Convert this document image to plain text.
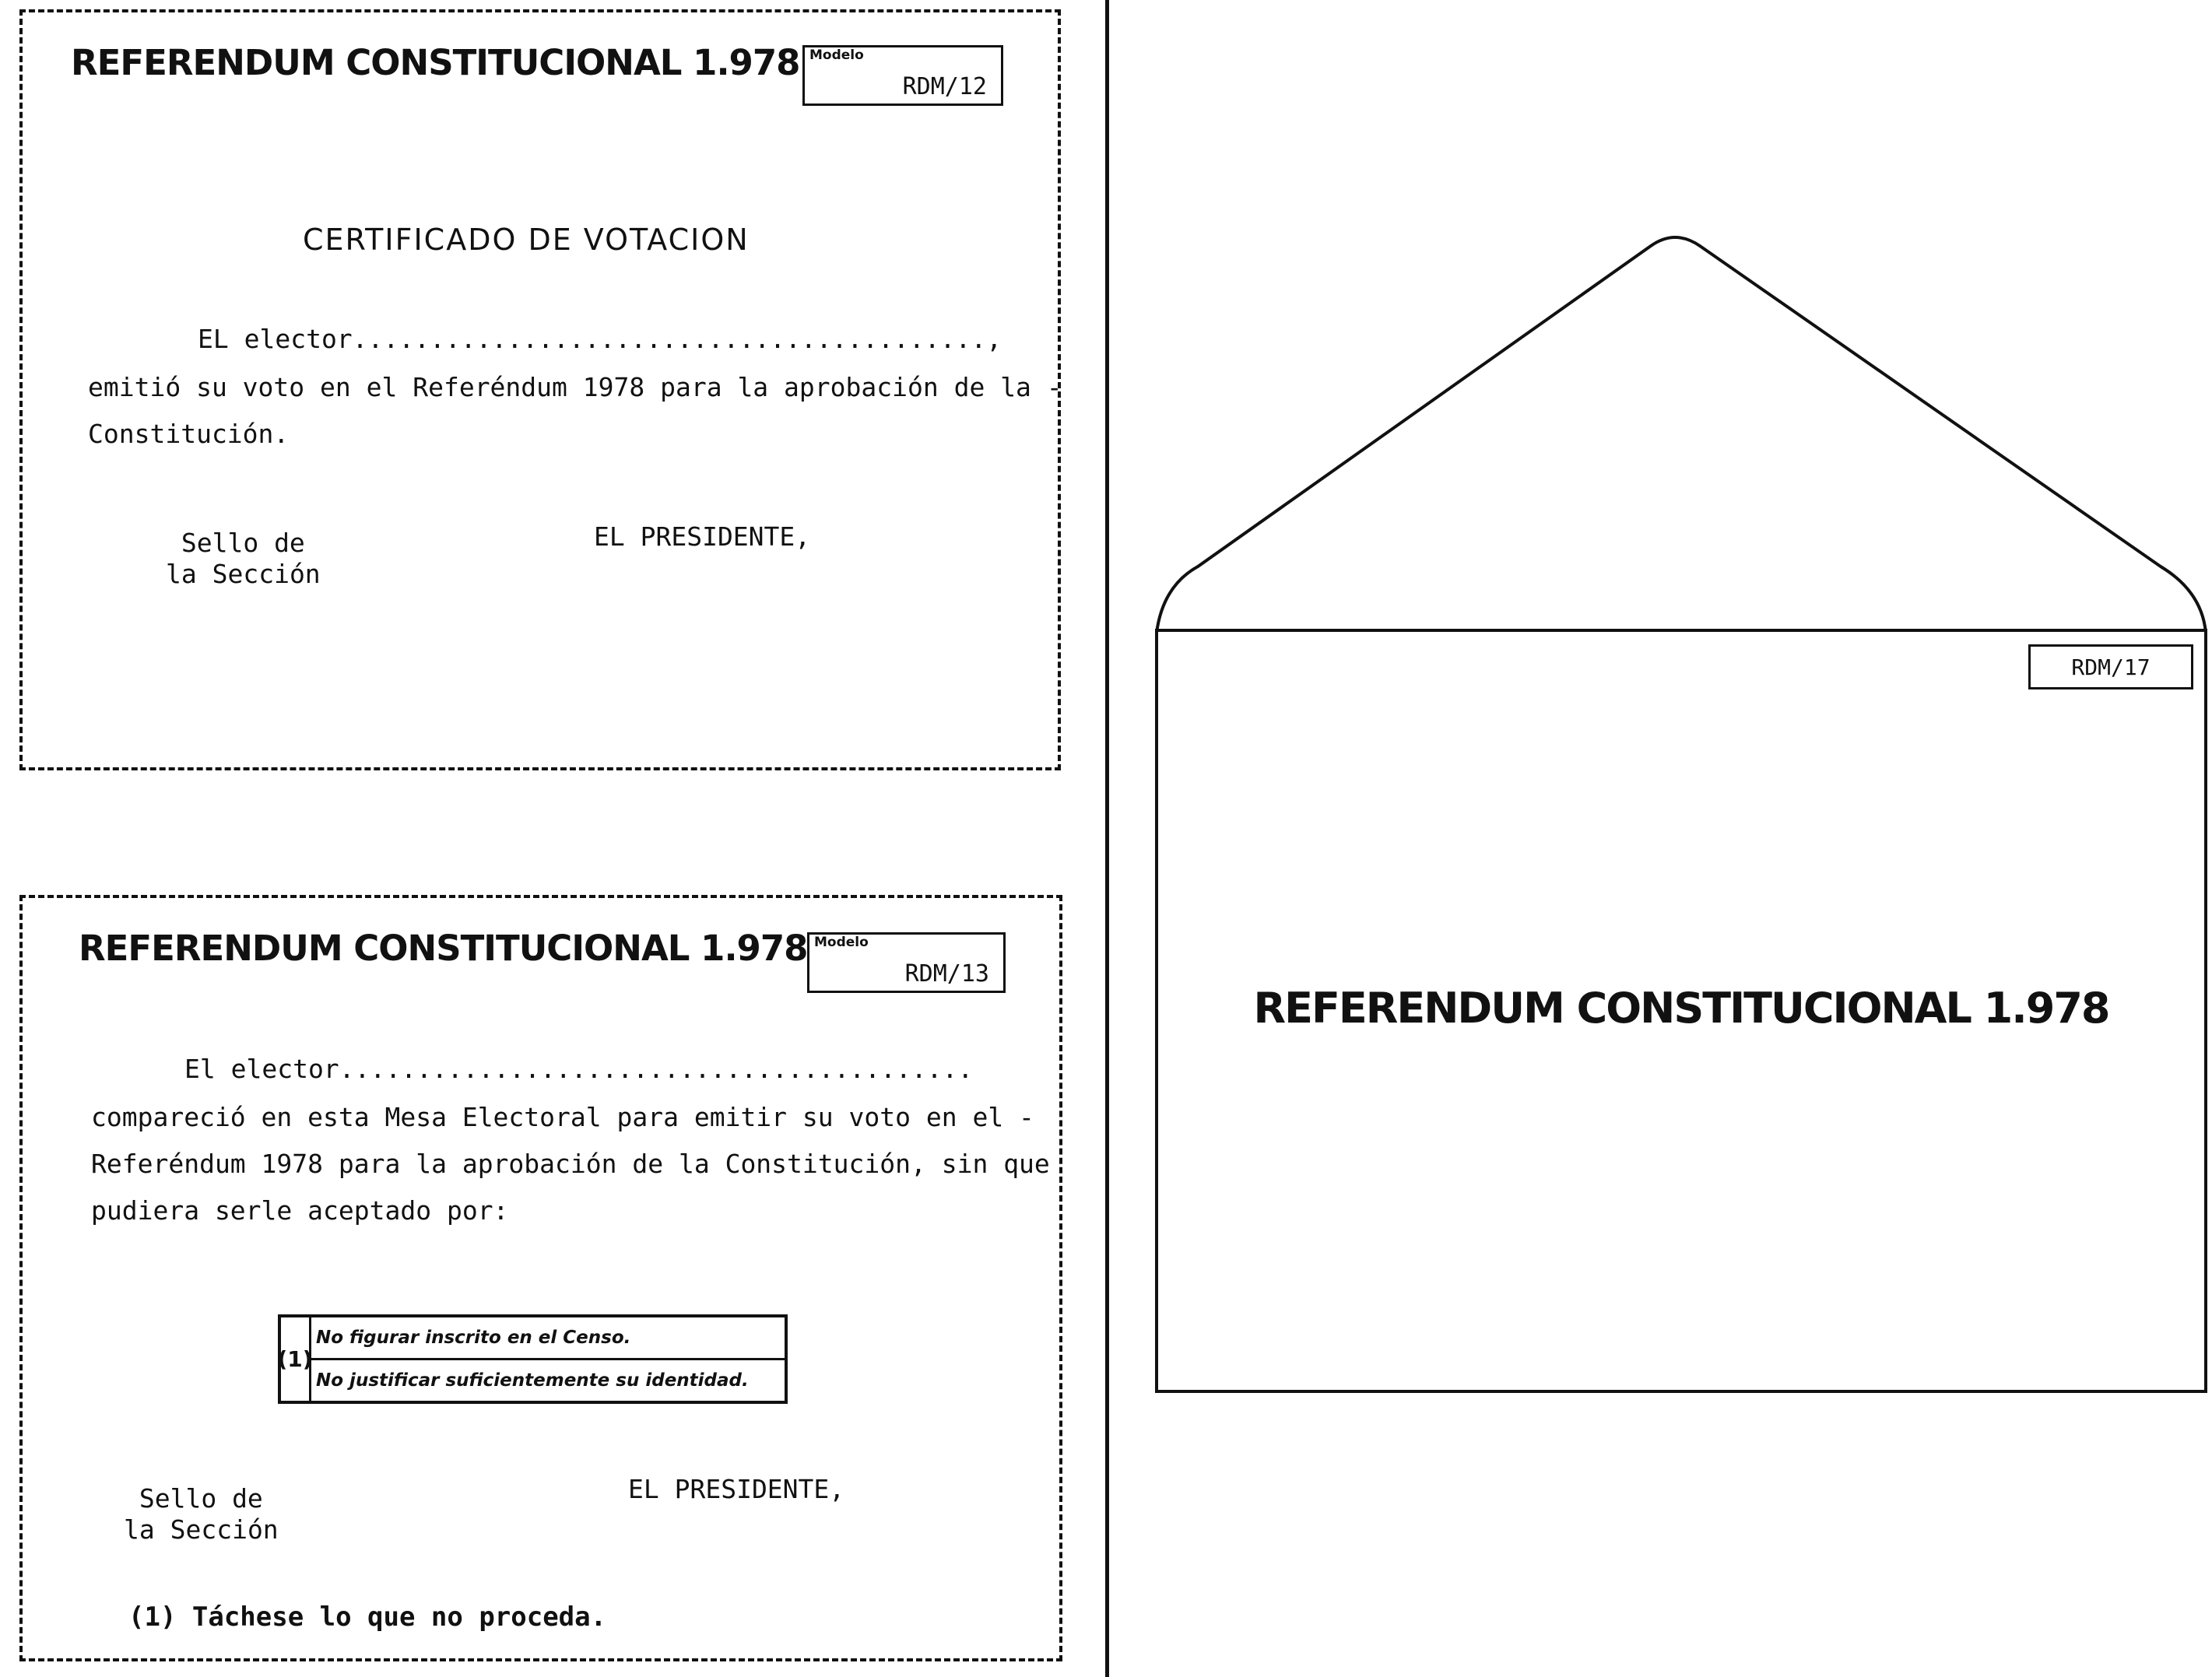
REFERENDUM CONSTITUCIONAL 1.978 Modelo
RDM/12
CERTIFICADO DE VOTACION
EL elector.........................................,
emitió su voto en el Referéndum 1978 para la aprobación de la -
Constitución.
Sello de
la Sección
EL PRESIDENTE,
REFERENDUM CONSTITUCIONAL 1.978 Modelo
RDM/13
El elector.........................................
compareció en esta Mesa Electoral para emitir su voto en el -
Referéndum 1978 para la aprobación de la Constitución, sin que
pudiera serle aceptado por:
(1)
No figurar inscrito en el Censo.
No justificar suficientemente su identidad.
Sello de
la Sección
EL PRESIDENTE,
(1) Táchese lo que no proceda.
RDM/17
REFERENDUM CONSTITUCIONAL 1.978
